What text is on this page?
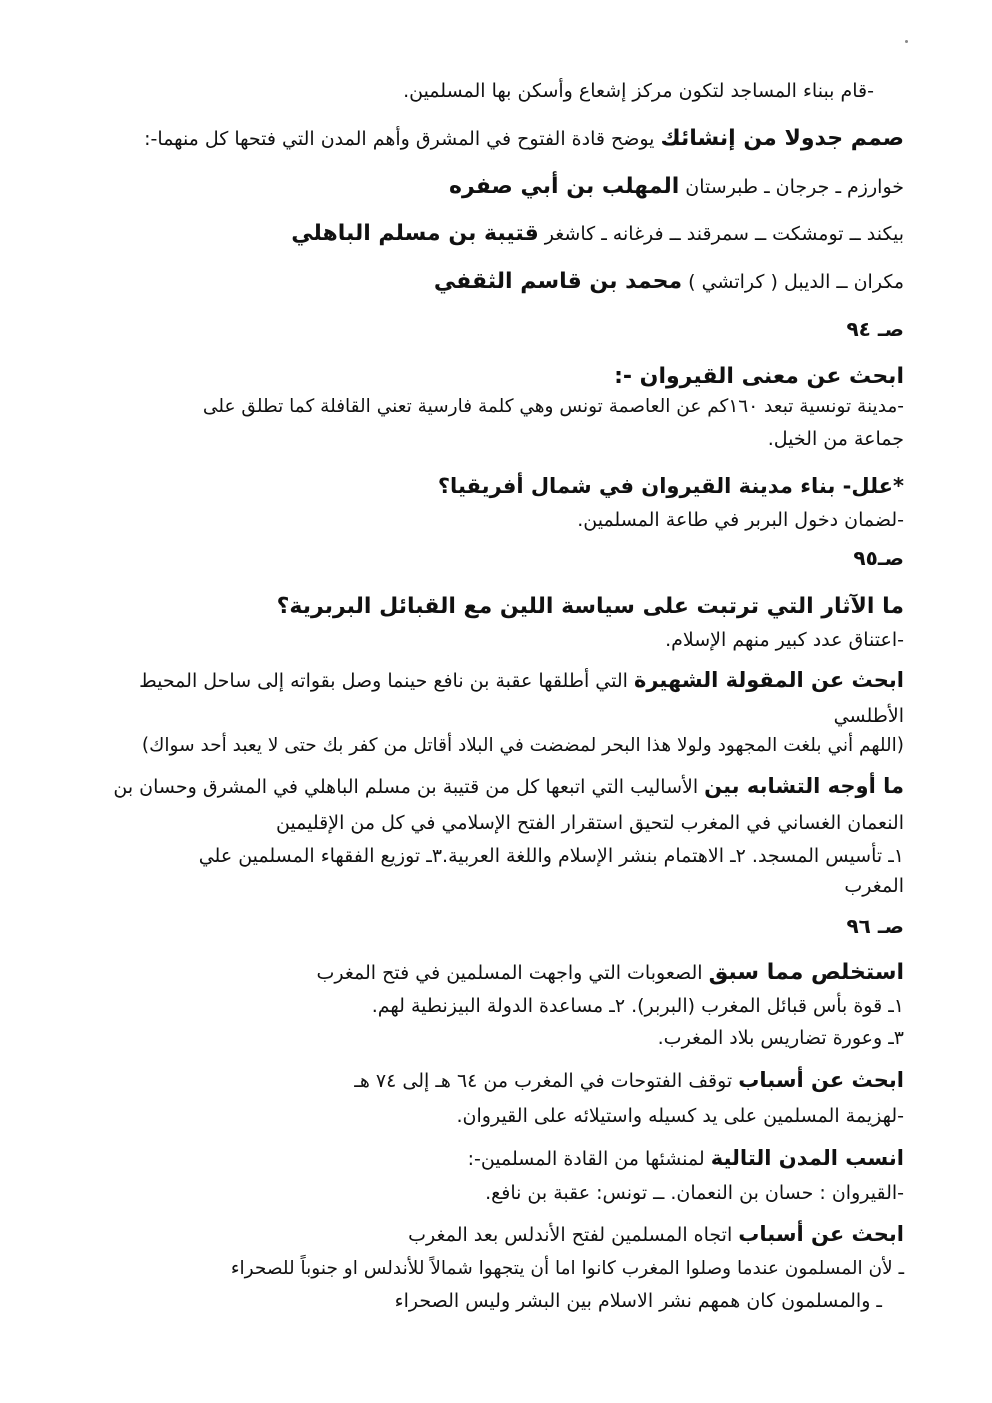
-قام ببناء المساجد لتكون مركز إشعاع وأسكن بها المسلمين.

صمم جدولا من إنشائك يوضح قادة الفتوح في المشرق وأهم المدن التي فتحها كل منهما-:

خوارزم ـ جرجان ـ طبرستان المهلب بن أبي صفره

بيكند ــ تومشكت ــ سمرقند ــ فرغانه ـ كاشغر قتيبة بن مسلم الباهلي

مكران ــ الديبل ( كراتشي ) محمد بن قاسم الثقفي

صـ ٩٤

ابحث عن معنى القيروان -:

-مدينة تونسية تبعد ١٦٠كم عن العاصمة تونس وهي كلمة فارسية تعني القافلة كما تطلق على

جماعة من الخيل.

*علل- بناء مدينة القيروان في شمال أفريقيا؟

-لضمان دخول البربر في طاعة المسلمين.

صـ٩٥

ما الآثار التي ترتبت على سياسة اللين مع القبائل البربرية؟

-اعتناق عدد كبير منهم الإسلام.

ابحث عن المقولة الشهيرة التي أطلقها عقبة بن نافع حينما وصل بقواته إلى ساحل المحيط

الأطلسي

(اللهم أني بلغت المجهود ولولا هذا البحر لمضضت في البلاد أقاتل من كفر بك حتى لا يعبد أحد سواك)

ما أوجه التشابه بين الأساليب التي اتبعها كل من قتيبة بن مسلم الباهلي في المشرق وحسان بن

النعمان الغساني في المغرب لتحيق استقرار الفتح الإسلامي في كل من الإقليمين

١ـ تأسيس المسجد. ٢ـ الاهتمام بنشر الإسلام واللغة العربية.٣ـ توزيع الفقهاء المسلمين علي

المغرب

صـ ٩٦

استخلص مما سبق الصعوبات التي واجهت المسلمين في فتح المغرب

١ـ قوة بأس قبائل المغرب (البربر). ٢ـ مساعدة الدولة البيزنطية لهم.

٣ـ وعورة تضاريس بلاد المغرب.

ابحث عن أسباب توقف الفتوحات في المغرب من ٦٤ هـ إلى ٧٤ هـ

-لهزيمة المسلمين على يد كسيله واستيلائه على القيروان.

انسب المدن التالية لمنشئها من القادة المسلمين-:

-القيروان : حسان بن النعمان. ــ تونس: عقبة بن نافع.

ابحث عن أسباب اتجاه المسلمين لفتح الأندلس بعد المغرب

ـ لأن المسلمون عندما وصلوا المغرب كانوا اما أن يتجهوا شمالاً للأندلس او جنوباً للصحراء

ـ والمسلمون كان همهم نشر الاسلام بين البشر وليس الصحراء
